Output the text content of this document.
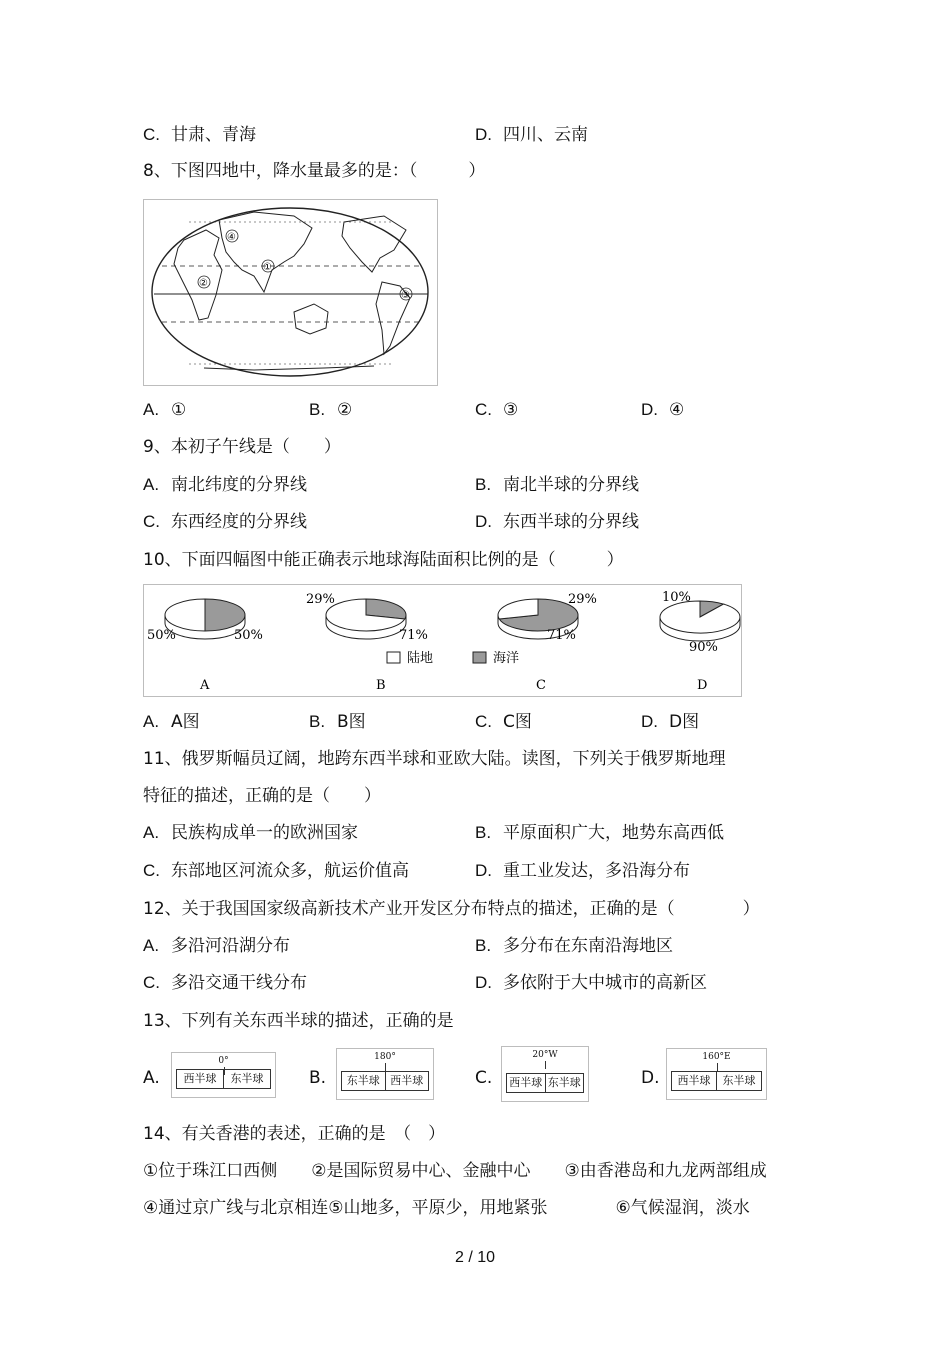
C. 甘肃、青海	D. 四川、云南
8、下图四地中，降水量最多的是：（　　　）
②
①
③
④
A. ①	B. ②	C. ③	D. ④
9、本初子午线是（　　）
A. 南北纬度的分界线	B. 南北半球的分界线
C. 东西经度的分界线	D. 东西半球的分界线
10、下面四幅图中能正确表示地球海陆面积比例的是（　　　）
50%	50%
29%
71%
29%
71%
10%
90%
陆地	海洋
A	B	C	D
A. A图	B. B图	C. C图	D. D图
11、俄罗斯幅员辽阔，地跨东西半球和亚欧大陆。读图，下列关于俄罗斯地理
特征的描述，正确的是（　　）
A. 民族构成单一的欧洲国家	B. 平原面积广大，地势东高西低
C. 东部地区河流众多，航运价值高	D. 重工业发达，多沿海分布
12、关于我国国家级高新技术产业开发区分布特点的描述，正确的是（　　　　）
A. 多沿河沿湖分布	B. 多分布在东南沿海地区
C. 多沿交通干线分布	D. 多依附于大中城市的高新区
13、下列有关东西半球的描述，正确的是
A.
0°
西半球	东半球	B.
180°
东半球 西半球	C.
20°W
西半球 东半球	D.
160°E
西半球	东半球
14、有关香港的表述，正确的是　（　）
①位于珠江口西侧　　②是国际贸易中心、金融中心　　③由香港岛和九龙两部组成
④通过京广线与北京相连⑤山地多，平原少，用地紧张　　　　⑥气候湿润，淡水
2 / 10
